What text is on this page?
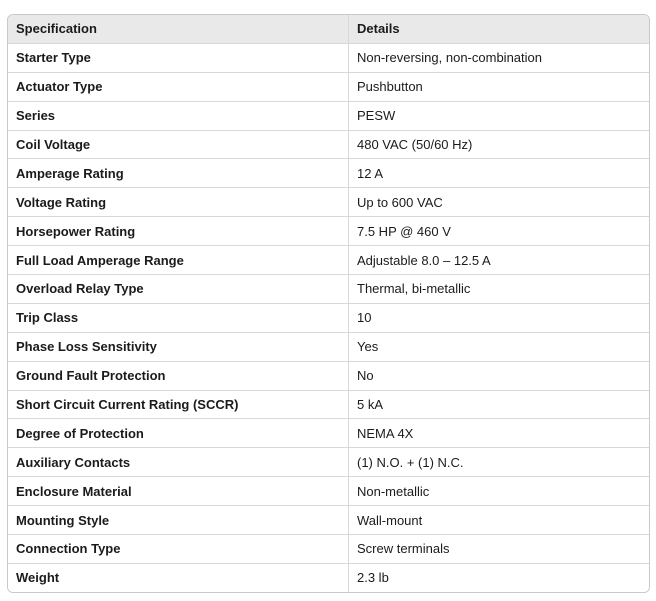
Specification	Details
Starter Type	Non-reversing, non-combination
Actuator Type	Pushbutton
Series	PESW
Coil Voltage	480 VAC (50/60 Hz)
Amperage Rating	12 A
Voltage Rating	Up to 600 VAC
Horsepower Rating	7.5 HP @ 460 V
Full Load Amperage Range	Adjustable 8.0 – 12.5 A
Overload Relay Type	Thermal, bi-metallic
Trip Class	10
Phase Loss Sensitivity	Yes
Ground Fault Protection	No
Short Circuit Current Rating (SCCR)	5 kA
Degree of Protection	NEMA 4X
Auxiliary Contacts	(1) N.O. + (1) N.C.
Enclosure Material	Non-metallic
Mounting Style	Wall-mount
Connection Type	Screw terminals
Weight	2.3 lb
